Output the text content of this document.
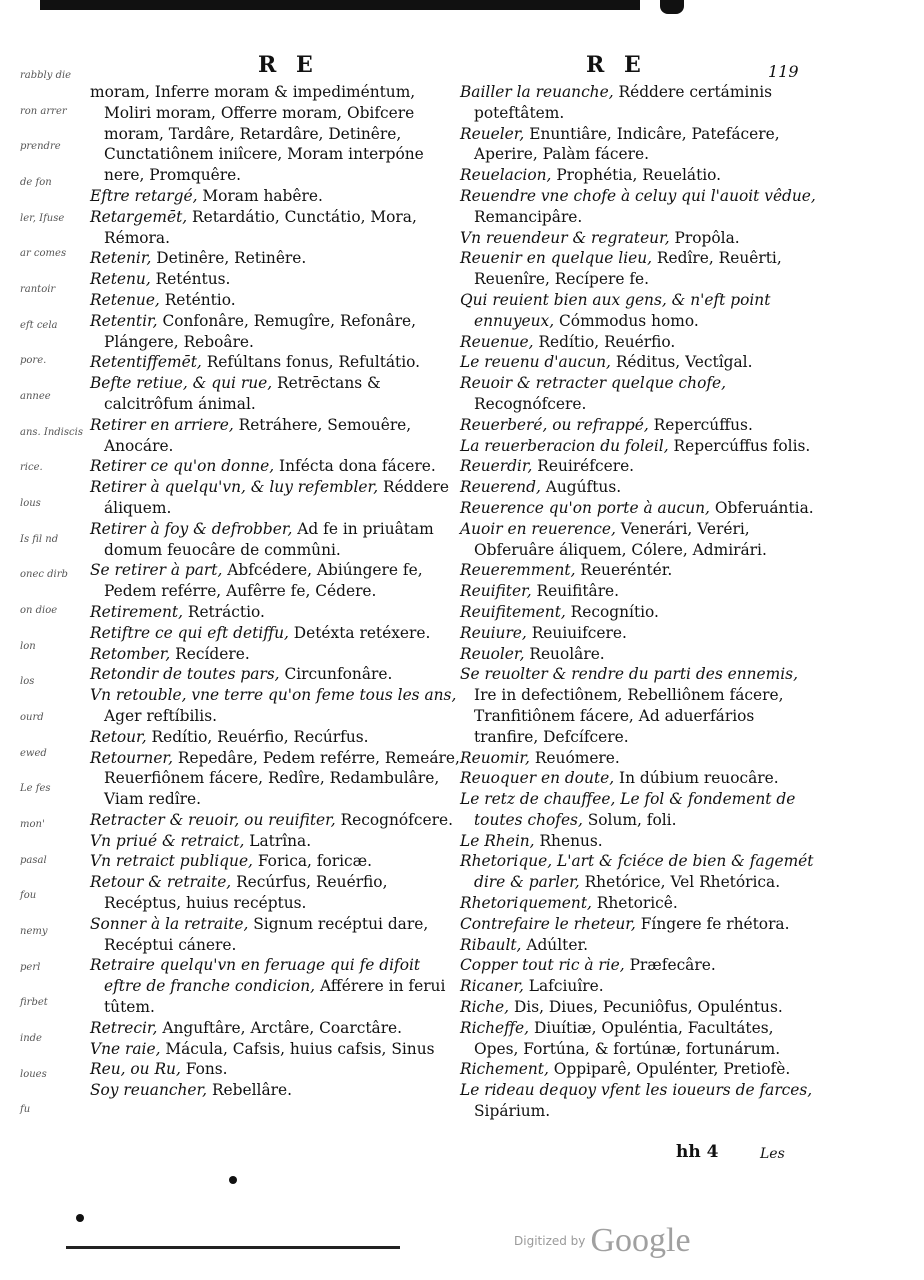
R E	R E	119
rabbly die
ron arrer
prendre
de fon
ler, Ifuse
ar comes
rantoir
eft cela
pore.
annee
ans. Indiscis
rice.
lous
Is fil nd
onec dirb
on dioe
lon
los
ourd
ewed
Le fes
mon'
pasal
fou
nemy
perl
firbet
inde
loues
fu

moram, Inferre moram & impediméntum, Moliri moram, Offerre moram, Obifcere moram, Tardâre, Retardâre, Detinêre, Cunctatiônem iniîcere, Moram interpóne nere, Promquêre.

Eftre retargé, Moram habêre.

Retargemēt, Retardátio, Cunctátio, Mora, Rémora.

Retenir, Detinêre, Retinêre.

Retenu, Reténtus.

Retenue, Reténtio.

Retentir, Confonâre, Remugîre, Refonâre, Plángere, Reboâre.

Retentiffemēt, Refúltans fonus, Refultátio.

Befte retiue, & qui rue, Retrēctans & calcitrôfum ánimal.

Retirer en arriere, Retráhere, Semouêre, Anocáre.

Retirer ce qu'on donne, Infécta dona fácere.

Retirer à quelqu'vn, & luy refembler, Réddere áliquem.

Retirer à foy & defrobber, Ad fe in priuâtam domum feuocâre de commûni.

Se retirer à part, Abfcédere, Abiúngere fe, Pedem reférre, Aufêrre fe, Cédere.

Retirement, Retráctio.

Retiftre ce qui eft detiffu, Detéxta retéxere.

Retomber, Recídere.

Retondir de toutes pars, Circunfonâre.

Vn retouble, vne terre qu'on feme tous les ans, Ager reftíbilis.

Retour, Redítio, Reuérfio, Recúrfus.

Retourner, Repedâre, Pedem reférre, Remeáre, Reuerfiônem fácere, Redîre, Redambulâre, Viam redîre.

Retracter & reuoir, ou reuifiter, Recognófcere.

Vn priué & retraict, Latrîna.

Vn retraict publique, Forica, foricæ.

Retour & retraite, Recúrfus, Reuérfio, Recéptus, huius recéptus.

Sonner à la retraite, Signum recéptui dare, Recéptui cánere.

Retraire quelqu'vn en feruage qui fe difoit eftre de franche condicion, Afférere in ferui tûtem.

Retrecir, Anguftâre, Arctâre, Coarctâre.

Vne raie, Mácula, Cafsis, huius cafsis, Sinus

Reu, ou Ru, Fons.

Soy reuancher, Rebellâre.

Bailler la reuanche, Réddere certáminis poteftâtem.

Reueler, Enuntiâre, Indicâre, Patefácere, Aperire, Palàm fácere.

Reuelacion, Prophétia, Reuelátio.

Reuendre vne chofe à celuy qui l'auoit vêdue, Remancipâre.

Vn reuendeur & regrateur, Propôla.

Reuenir en quelque lieu, Redîre, Reuêrti, Reuenîre, Recípere fe.

Qui reuient bien aux gens, & n'eft point ennuyeux, Cómmodus homo.

Reuenue, Redítio, Reuérfio.

Le reuenu d'aucun, Réditus, Vectîgal.

Reuoir & retracter quelque chofe, Recognófcere.

Reuerberé, ou refrappé, Repercúffus.

La reuerberacion du foleil, Repercúffus folis.

Reuerdir, Reuiréfcere.

Reuerend, Augúftus.

Reuerence qu'on porte à aucun, Obferuántia.

Auoir en reuerence, Venerári, Veréri, Obferuâre áliquem, Cólere, Admirári.

Reueremment, Reueréntér.

Reuifiter, Reuifitâre.

Reuifitement, Recognítio.

Reuiure, Reuiuifcere.

Reuoler, Reuolâre.

Se reuolter & rendre du parti des ennemis, Ire in defectiônem, Rebelliônem fácere, Tranfitiônem fácere, Ad aduerfários tranfire, Defcífcere.

Reuomir, Reuómere.

Reuoquer en doute, In dúbium reuocâre.

Le retz de chauffee, Le fol & fondement de toutes chofes, Solum, foli.

Le Rhein, Rhenus.

Rhetorique, L'art & fciéce de bien & fagemét dire & parler, Rhetórice, Vel Rhetórica.

Rhetoriquement, Rhetoricê.

Contrefaire le rheteur, Fíngere fe rhétora.

Ribault, Adúlter.

Copper tout ric à rie, Præfecâre.

Ricaner, Lafciuîre.

Riche, Dis, Diues, Pecuniôfus, Opuléntus.

Richeffe, Diuítiæ, Opuléntia, Facultátes, Opes, Fortúna, & fortúnæ, fortunárum.

Richement, Oppiparê, Opulénter, Pretiofè.

Le rideau dequoy vfent les ioueurs de farces, Sipárium.

hh 4	Les
Digitized by Google
